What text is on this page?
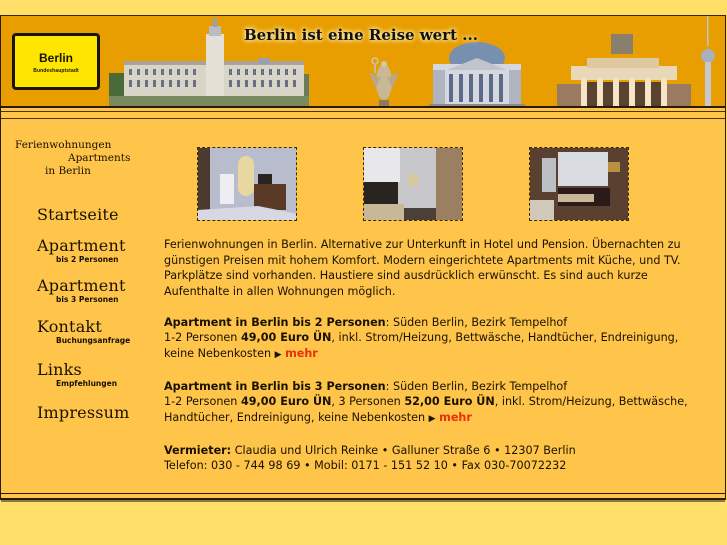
Berlin
Bundeshauptstadt
Berlin ist eine Reise wert ...
Ferienwohnungen
Apartments
in Berlin
Startseite
Apartment
bis 2 Personen
Apartment
bis 3 Personen
Kontakt
Buchungsanfrage
Links
Empfehlungen
Impressum

Ferienwohnungen in Berlin. Alternative zur Unterkunft in Hotel und Pension. Übernachten zu günstigen Preisen mit hohem Komfort. Modern eingerichtete Apartments mit Küche, und TV. Parkplätze sind vorhanden. Haustiere sind ausdrücklich erwünscht. Es sind auch kurze Aufenthalte in allen Wohnungen möglich.

Apartment in Berlin bis 2 Personen: Süden Berlin, Bezirk Tempelhof
1-2 Personen 49,00 Euro ÜN, inkl. Strom/Heizung, Bettwäsche, Handtücher, Endreinigung, keine Nebenkosten ▶ mehr

Apartment in Berlin bis 3 Personen: Süden Berlin, Bezirk Tempelhof
1-2 Personen 49,00 Euro ÜN, 3 Personen 52,00 Euro ÜN, inkl. Strom/Heizung, Bettwäsche, Handtücher, Endreinigung, keine Nebenkosten ▶ mehr

Vermieter: Claudia und Ulrich Reinke • Galluner Straße 6 • 12307 Berlin
Telefon: 030 - 744 98 69 • Mobil: 0171 - 151 52 10 • Fax 030-70072232
